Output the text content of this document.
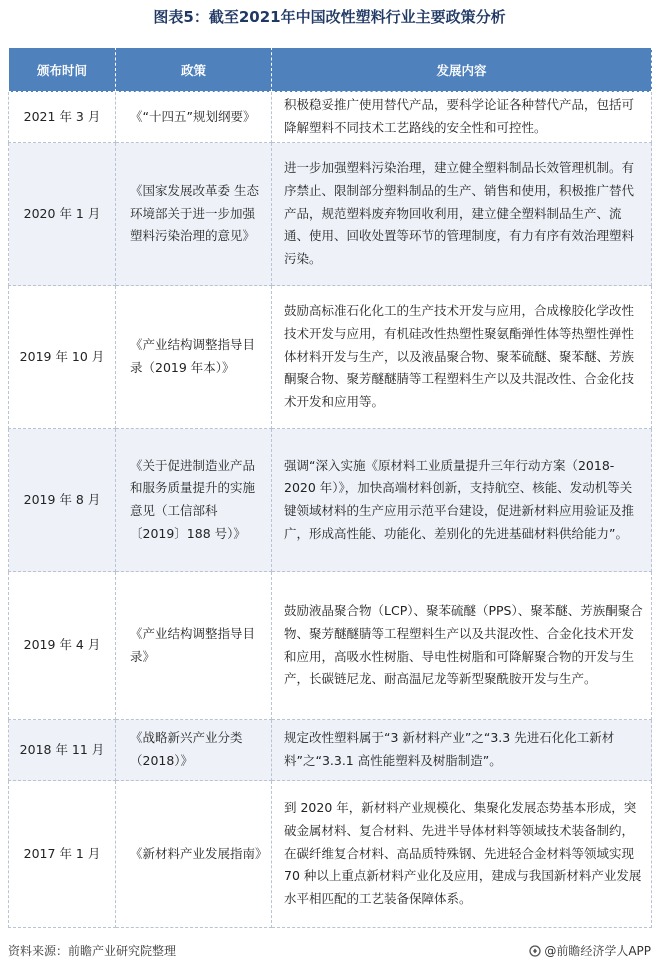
图表5：截至2021年中国改性塑料行业主要政策分析
颁布时间	政策	发展内容
2021 年 3 月	《“十四五”规划纲要》	积极稳妥推广使用替代产品，要科学论证各种替代产品，包括可降解塑料不同技术工艺路线的安全性和可控性。
2020 年 1 月	《国家发展改革委 生态环境部关于进一步加强塑料污染治理的意见》	进一步加强塑料污染治理，建立健全塑料制品长效管理机制。有序禁止、限制部分塑料制品的生产、销售和使用，积极推广替代产品，规范塑料废弃物回收利用，建立健全塑料制品生产、流通、使用、回收处置等环节的管理制度，有力有序有效治理塑料污染。
2019 年 10 月	《产业结构调整指导目录（2019 年本）》	鼓励高标准石化化工的生产技术开发与应用，合成橡胶化学改性技术开发与应用，有机硅改性热塑性聚氨酯弹性体等热塑性弹性体材料开发与生产，以及液晶聚合物、聚苯硫醚、聚苯醚、芳族酮聚合物、聚芳醚醚腈等工程塑料生产以及共混改性、合金化技术开发和应用等。
2019 年 8 月	《关于促进制造业产品和服务质量提升的实施意见（工信部科〔2019〕188 号）》	强调“深入实施《原材料工业质量提升三年行动方案（2018-2020 年）》，加快高端材料创新，支持航空、核能、发动机等关键领域材料的生产应用示范平台建设，促进新材料应用验证及推广，形成高性能、功能化、差别化的先进基础材料供给能力”。
2019 年 4 月	《产业结构调整指导目录》	鼓励液晶聚合物（LCP）、聚苯硫醚（PPS）、聚苯醚、芳族酮聚合物、聚芳醚醚腈等工程塑料生产以及共混改性、合金化技术开发和应用，高吸水性树脂、导电性树脂和可降解聚合物的开发与生产，长碳链尼龙、耐高温尼龙等新型聚酰胺开发与生产。
2018 年 11 月	《战略新兴产业分类（2018）》	规定改性塑料属于“3 新材料产业”之“3.3 先进石化化工新材料”之“3.3.1 高性能塑料及树脂制造”。
2017 年 1 月	《新材料产业发展指南》	到 2020 年，新材料产业规模化、集聚化发展态势基本形成，突破金属材料、复合材料、先进半导体材料等领域技术装备制约，在碳纤维复合材料、高品质特殊钢、先进轻合金材料等领域实现 70 种以上重点新材料产业化及应用，建成与我国新材料产业发展水平相匹配的工艺装备保障体系。
资料来源：前瞻产业研究院整理	@前瞻经济学人APP
